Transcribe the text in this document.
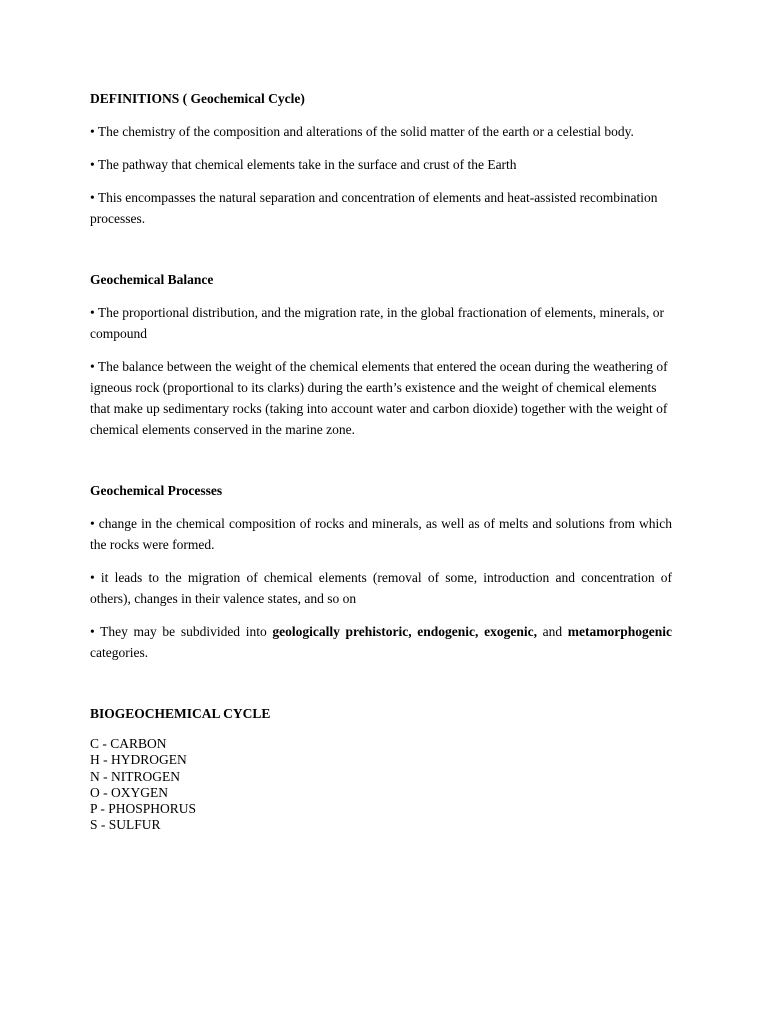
DEFINITIONS ( Geochemical Cycle)
• The chemistry of the composition and alterations of the solid matter of the earth or a celestial body.
• The pathway that chemical elements take in the surface and crust of the Earth
• This encompasses the natural separation and concentration of elements and heat-assisted recombination processes.
Geochemical Balance
• The proportional distribution, and the migration rate, in the global fractionation of elements, minerals, or compound
• The balance between the weight of the chemical elements that entered the ocean during the weathering of igneous rock (proportional to its clarks) during the earth’s existence and the weight of chemical elements that make up sedimentary rocks (taking into account water and carbon dioxide) together with the weight of chemical elements conserved in the marine zone.
Geochemical Processes
• change in the chemical composition of rocks and minerals, as well as of melts and solutions from which the rocks were formed.
• it leads to the migration of chemical elements (removal of some, introduction and concentration of others), changes in their valence states, and so on
• They may be subdivided into geologically prehistoric, endogenic, exogenic, and metamorphogenic categories.
BIOGEOCHEMICAL CYCLE
C - CARBON
H - HYDROGEN
N - NITROGEN
O - OXYGEN
P - PHOSPHORUS
S - SULFUR
